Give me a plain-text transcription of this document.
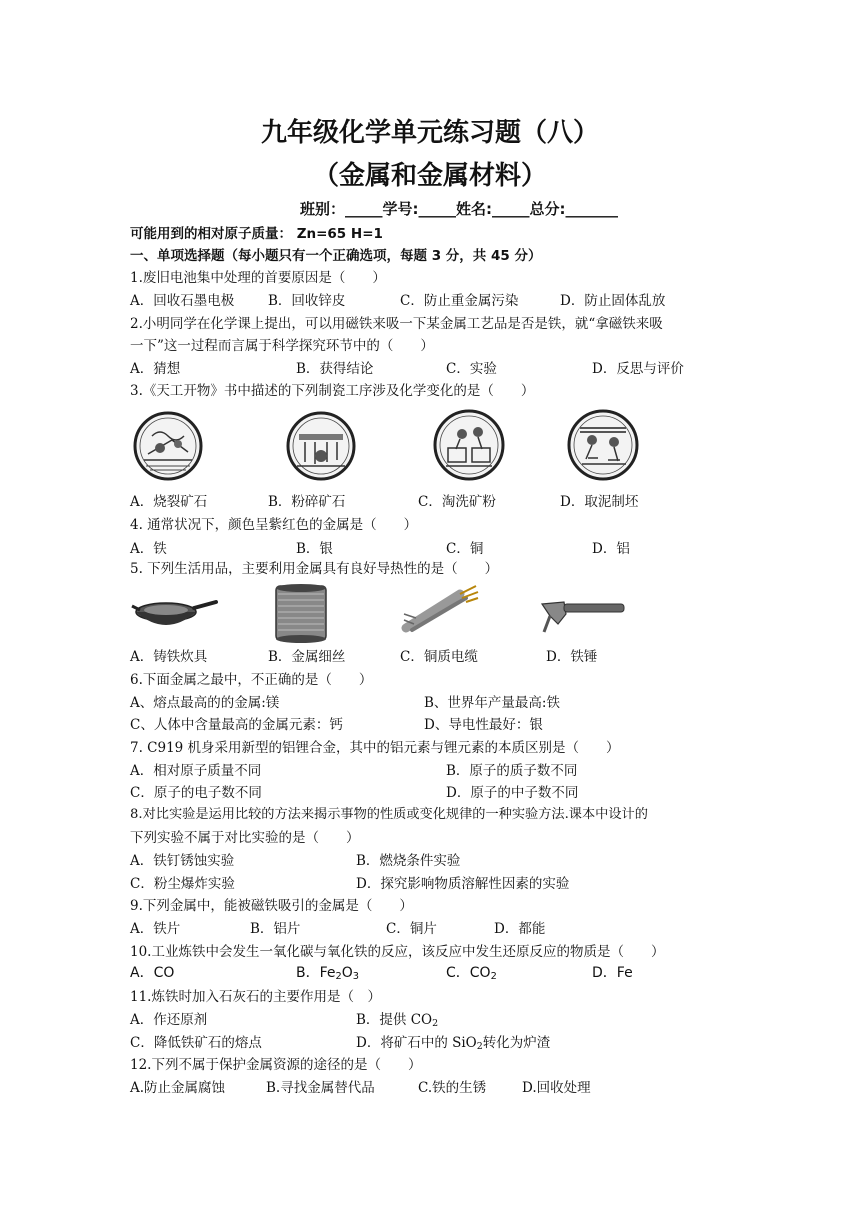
九年级化学单元练习题（八）
（金属和金属材料）
班别：_____学号:_____姓名:_____总分:_______
可能用到的相对原子质量： Zn=65 H=1
一、单项选择题（每小题只有一个正确选项，每题 3 分，共 45 分）
1.废旧电池集中处理的首要原因是（　　）
A．回收石墨电极	B．回收锌皮	C．防止重金属污染	D．防止固体乱放
2.小明同学在化学课上提出，可以用磁铁来吸一下某金属工艺品是否是铁，就“拿磁铁来吸
一下”这一过程而言属于科学探究环节中的（　　）
A．猜想	B．获得结论	C．实验	D．反思与评价
3.《天工开物》书中描述的下列制瓷工序涉及化学变化的是（　　）
A．烧裂矿石	B．粉碎矿石	C．淘洗矿粉	D．取泥制坯
4. 通常状况下，颜色呈紫红色的金属是（　　）
A．铁	B．银	C．铜	D．铝
5. 下列生活用品，主要利用金属具有良好导热性的是（　　）
A．铸铁炊具	B．金属细丝	C．铜质电缆	D．铁锤
6.下面金属之最中，不正确的是（　　）
A、熔点最高的的金属:镁	B、世界年产量最高:铁
C、人体中含量最高的金属元素：钙	D、导电性最好：银
7. C919 机身采用新型的铝锂合金，其中的铝元素与锂元素的本质区别是（　　）
A．相对原子质量不同	B．原子的质子数不同
C．原子的电子数不同	D．原子的中子数不同
8.对比实验是运用比较的方法来揭示事物的性质或变化规律的一种实验方法.课本中设计的
下列实验不属于对比实验的是（　　）
A．铁钉锈蚀实验	B．燃烧条件实验
C．粉尘爆炸实验	D．探究影响物质溶解性因素的实验
9.下列金属中，能被磁铁吸引的金属是（　　）
A．铁片	B．铝片	C．铜片	D．都能
10.工业炼铁中会发生一氧化碳与氧化铁的反应，该反应中发生还原反应的物质是（　　）
A．CO	B．$Fe_2O_3$	C．$CO_2$	D．Fe
11.炼铁时加入石灰石的主要作用是（　）
A．作还原剂	B．提供 $CO_2$
C．降低铁矿石的熔点	D．将矿石中的 SiO$_2$转化为炉渣
12.下列不属于保护金属资源的途径的是（　　）
A.防止金属腐蚀	B.寻找金属替代品	C.铁的生锈	D.回收处理
